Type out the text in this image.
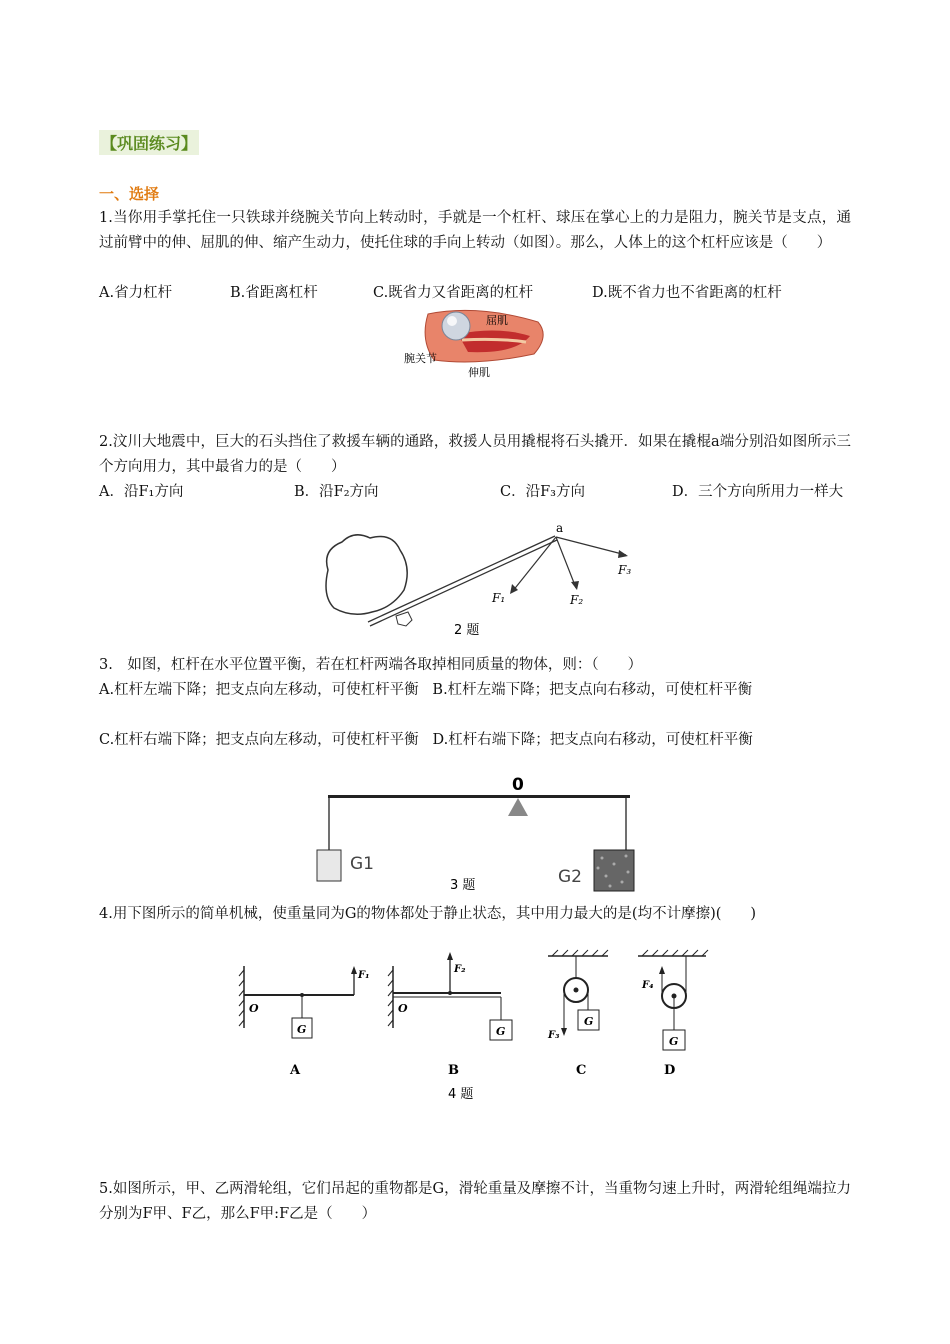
【巩固练习】
一、选择
1.当你用手掌托住一只铁球并绕腕关节向上转动时，手就是一个杠杆、球压在掌心上的力是阻力，腕关节是支点，通过前臂中的伸、屈肌的伸、缩产生动力，使托住球的手向上转动（如图）。那么，人体上的这个杠杆应该是（　　）
A.省力杠杆	B.省距离杠杆	C.既省力又省距离的杠杆	D.既不省力也不省距离的杠杆
屈肌
腕关节
伸肌
2.汶川大地震中，巨大的石头挡住了救援车辆的通路，救援人员用撬棍将石头撬开．如果在撬棍a端分别沿如图所示三个方向用力，其中最省力的是（　　）
A．沿F₁方向	B．沿F₂方向	C．沿F₃方向	D．三个方向所用力一样大
a
F₁	F₂
F₃
2 题
3.　如图，杠杆在水平位置平衡，若在杠杆两端各取掉相同质量的物体，则：（　　）
A.杠杆左端下降；把支点向左移动，可使杠杆平衡 B.杠杆左端下降；把支点向右移动，可使杠杆平衡
C.杠杆右端下降；把支点向左移动，可使杠杆平衡 D.杠杆右端下降；把支点向右移动，可使杠杆平衡
0
G1
G2
3 题
4.用下图所示的简单机械，使重量同为G的物体都处于静止状态，其中用力最大的是(均不计摩擦)(　　)
F₁
G
O
A
F₂
G
O
B
G
F₃
C
G
F₄
D
4 题
5.如图所示，甲、乙两滑轮组，它们吊起的重物都是G，滑轮重量及摩擦不计，当重物匀速上升时，两滑轮组绳端拉力分别为F甲、F乙，那么F甲:F乙是（　　）
